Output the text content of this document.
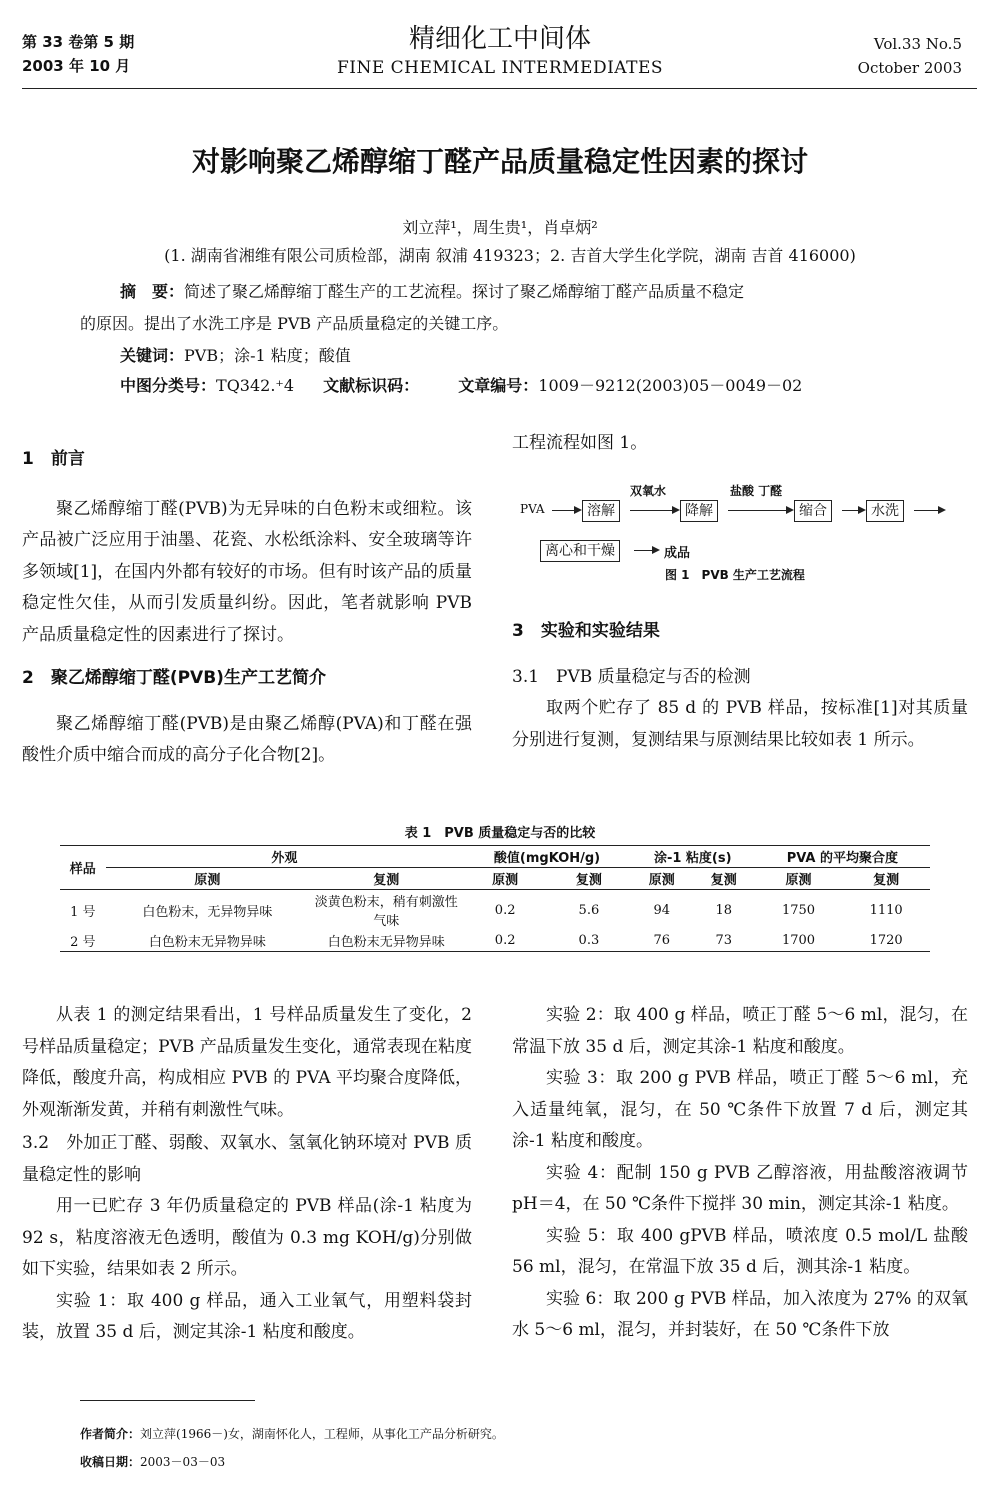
第 33 卷第 5 期
2003 年 10 月
精细化工中间体
FINE CHEMICAL INTERMEDIATES
Vol.33 No.5
October 2003
对影响聚乙烯醇缩丁醛产品质量稳定性因素的探讨
刘立萍¹，周生贵¹，肖卓炳²
(1. 湖南省湘维有限公司质检部，湖南 叙浦 419323；2. 吉首大学生化学院，湖南 吉首 416000)
摘　要：简述了聚乙烯醇缩丁醛生产的工艺流程。探讨了聚乙烯醇缩丁醛产品质量不稳定
的原因。提出了水洗工序是 PVB 产品质量稳定的关键工序。
关键词：PVB；涂-1 粘度；酸值
中图分类号：TQ342.⁺4 文献标识码： 文章编号：1009－9212(2003)05－0049－02
1　前言

聚乙烯醇缩丁醛(PVB)为无异味的白色粉末或细粒。该产品被广泛应用于油墨、花瓷、水松纸涂料、安全玻璃等许多领域[1]，在国内外都有较好的市场。但有时该产品的质量稳定性欠佳，从而引发质量纠纷。因此，笔者就影响 PVB 产品质量稳定性的因素进行了探讨。

2　聚乙烯醇缩丁醛(PVB)生产工艺简介

聚乙烯醇缩丁醛(PVB)是由聚乙烯醇(PVA)和丁醛在强酸性介质中缩合而成的高分子化合物[2]。

工程流程如图 1。
PVA	溶解
双氧水
降解
盐酸 丁醛
缩合	水洗
离心和干燥	成品
图 1　PVB 生产工艺流程
3　实验和实验结果
3.1　PVB 质量稳定与否的检测

取两个贮存了 85 d 的 PVB 样品，按标准[1]对其质量分别进行复测，复测结果与原测结果比较如表 1 所示。

表 1　PVB 质量稳定与否的比较
样品	外观		酸值(mgKOH/g)		涂-1 粘度(s)		PVA 的平均聚合度	
	原测	复测	原测	复测	原测	复测	原测	复测
1 号	白色粉末，无异物异味	淡黄色粉末，稍有刺激性气味	0.2	5.6	94	18	1750	1110
2 号	白色粉末无异物异味	白色粉末无异物异味	0.2	0.3	76	73	1700	1720

从表 1 的测定结果看出，1 号样品质量发生了变化，2 号样品质量稳定；PVB 产品质量发生变化，通常表现在粘度降低，酸度升高，构成相应 PVB 的 PVA 平均聚合度降低，外观渐渐发黄，并稍有刺激性气味。

3.2　外加正丁醛、弱酸、双氧水、氢氧化钠环境对 PVB 质量稳定性的影响

用一已贮存 3 年仍质量稳定的 PVB 样品(涂-1 粘度为 92 s，粘度溶液无色透明，酸值为 0.3 mg KOH/g)分别做如下实验，结果如表 2 所示。

实验 1：取 400 g 样品，通入工业氧气，用塑料袋封装，放置 35 d 后，测定其涂-1 粘度和酸度。

实验 2：取 400 g 样品，喷正丁醛 5～6 ml，混匀，在常温下放 35 d 后，测定其涂-1 粘度和酸度。

实验 3：取 200 g PVB 样品，喷正丁醛 5～6 ml，充入适量纯氧，混匀，在 50 ℃条件下放置 7 d 后，测定其涂-1 粘度和酸度。

实验 4：配制 150 g PVB 乙醇溶液，用盐酸溶液调节 pH＝4，在 50 ℃条件下搅拌 30 min，测定其涂-1 粘度。

实验 5：取 400 gPVB 样品，喷浓度 0.5 mol/L 盐酸 56 ml，混匀，在常温下放 35 d 后，测其涂-1 粘度。

实验 6：取 200 g PVB 样品，加入浓度为 27% 的双氧水 5～6 ml，混匀，并封装好，在 50 ℃条件下放

作者简介：刘立萍(1966－)女，湖南怀化人，工程师，从事化工产品分析研究。
收稿日期：2003－03－03
